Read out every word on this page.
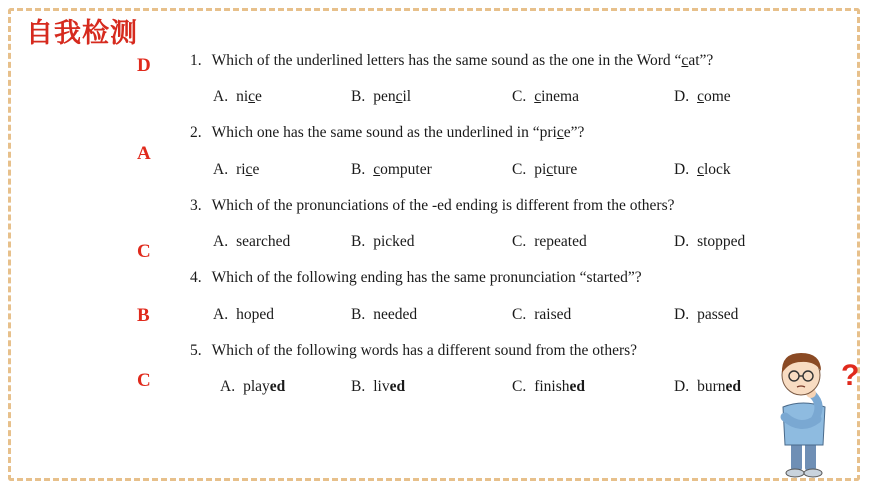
自我检测
D
A
C
B
C
1. Which of the underlined letters has the same sound as the one in the Word “cat”?
A. nice	B. pencil	C. cinema	D. come
2. Which one has the same sound as the underlined in “price”?
A. rice	B. computer	C. picture	D. clock
3. Which of the pronunciations of the -ed ending is different from the others?
A. searched	B. picked	C. repeated	D. stopped
4. Which of the following ending has the same pronunciation “started”?
A. hoped	B. needed	C. raised	D. passed
5. Which of the following words has a different sound from the others?
A. played	B. lived	C. finished	D. burned	?
